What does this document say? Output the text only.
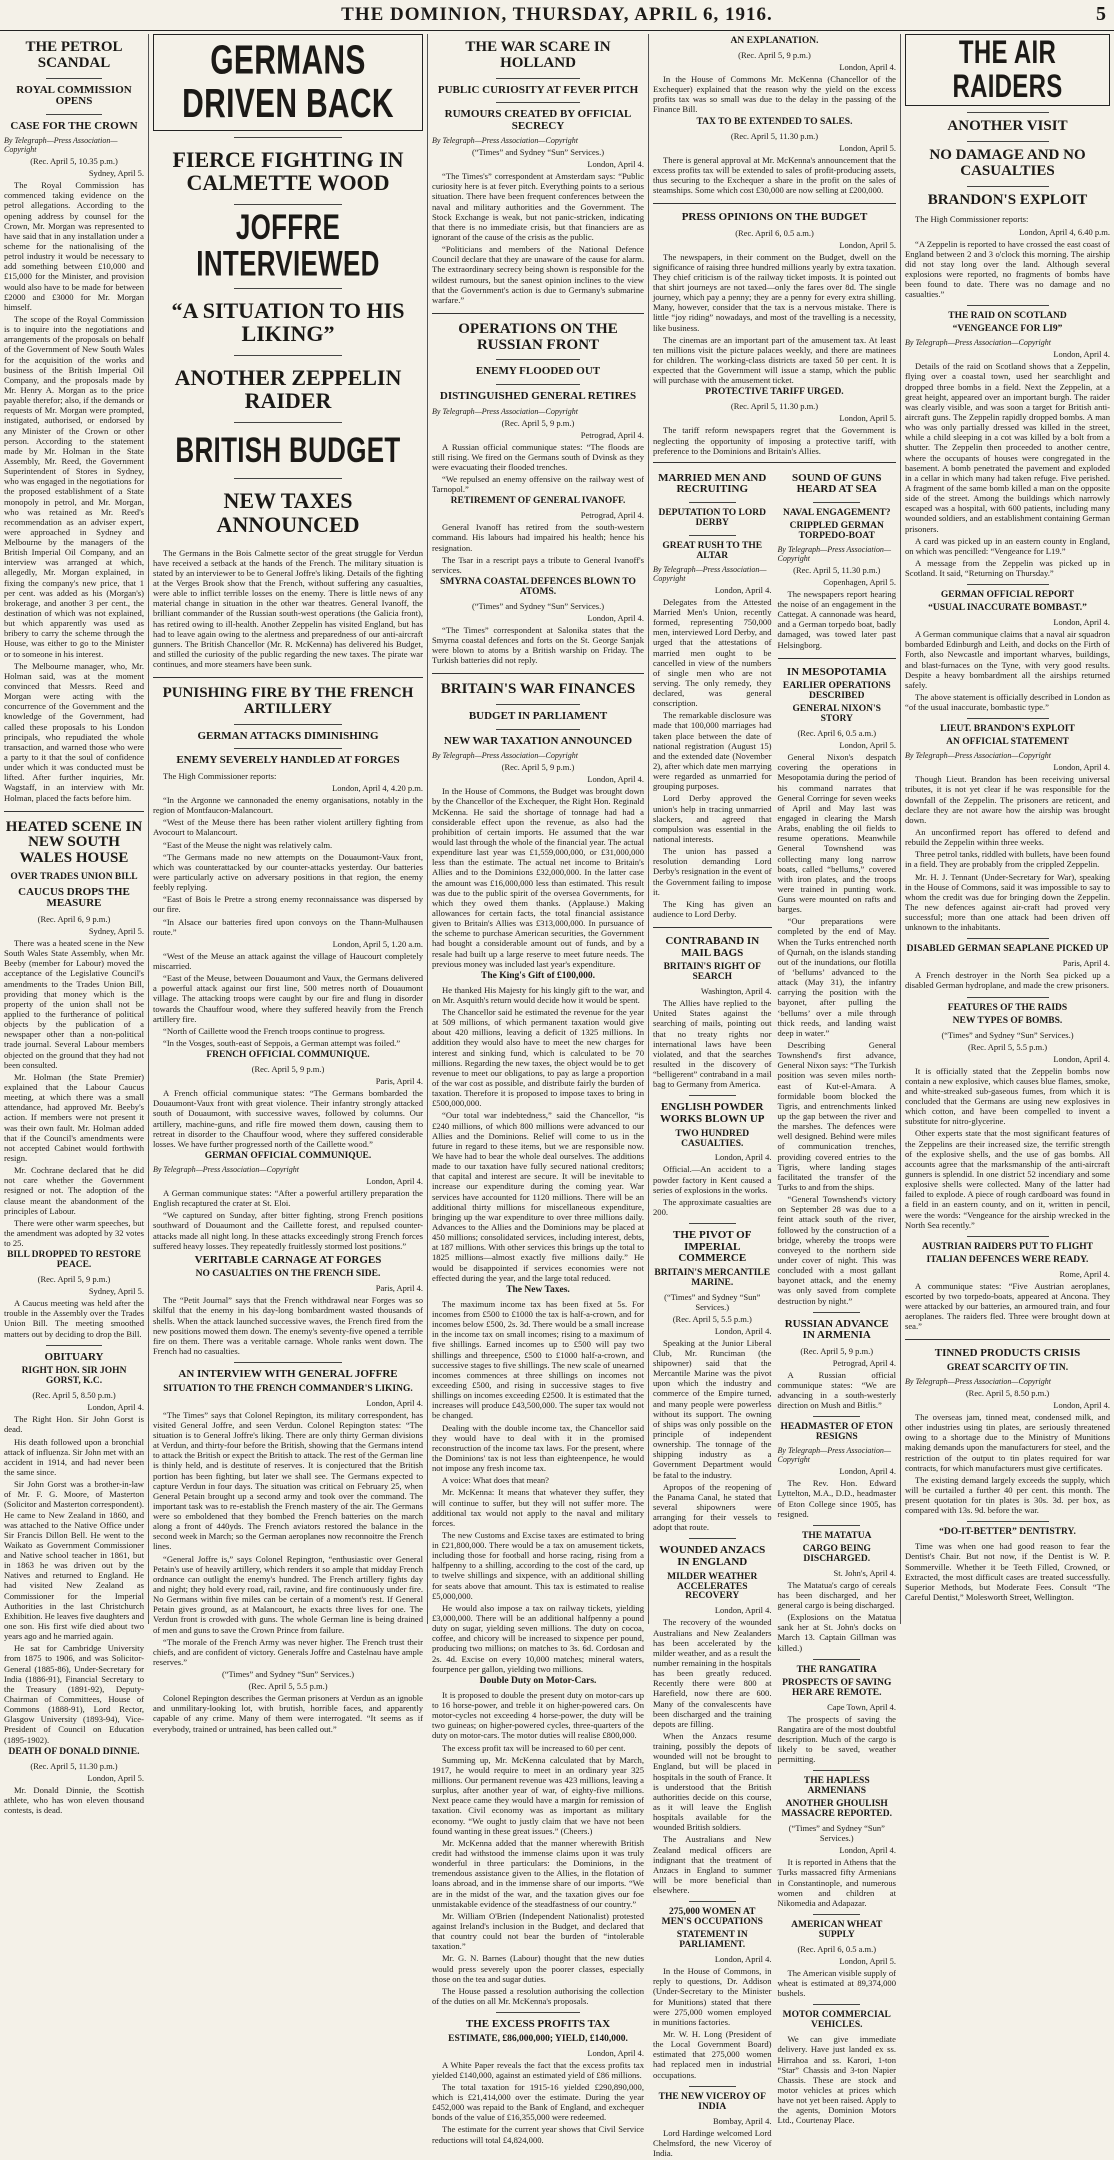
THE DOMINION, THURSDAY, APRIL 6, 1916.	5
THE PETROL SCANDAL
ROYAL COMMISSION OPENS
CASE FOR THE CROWN
By Telegraph—Press Association—Copyright
(Rec. April 5, 10.35 p.m.)
Sydney, April 5.

The Royal Commission has commenced taking evidence on the petrol allegations. According to the opening address by counsel for the Crown, Mr. Morgan was represented to have said that in any installation under a scheme for the nationalising of the petrol industry it would be necessary to add something between £10,000 and £15,000 for the Minister, and provision would also have to be made for between £2000 and £3000 for Mr. Morgan himself.

The scope of the Royal Commission is to inquire into the negotiations and arrangements of the proposals on behalf of the Government of New South Wales for the acquisition of the works and business of the British Imperial Oil Company, and the proposals made by Mr. Henry A. Morgan as to the price payable therefor; also, if the demands or requests of Mr. Morgan were prompted, instigated, authorised, or endorsed by any Minister of the Crown or other person. According to the statement made by Mr. Holman in the State Assembly, Mr. Reed, the Government Superintendent of Stores in Sydney, who was engaged in the negotiations for the proposed establishment of a State monopoly in petrol, and Mr. Morgan, who was retained as Mr. Reed's recommendation as an adviser expert, were approached in Sydney and Melbourne by the managers of the British Imperial Oil Company, and an interview was arranged at which, allegedly, Mr. Morgan explained, in fixing the company's new price, that 1 per cent. was added as his (Morgan's) brokerage, and another 3 per cent., the destination of which was not explained, but which apparently was used as bribery to carry the scheme through the House, was either to go to the Minister or to someone in his interest.

The Melbourne manager, who, Mr. Holman said, was at the moment convinced that Messrs. Reed and Morgan were acting with the concurrence of the Government and the knowledge of the Government, had called these proposals to his London principals, who repudiated the whole transaction, and warned those who were a party to it that the soul of confidence under which it was conducted must be lifted. After further inquiries, Mr. Wagstaff, in an interview with Mr. Holman, placed the facts before him.

HEATED SCENE IN NEW SOUTH WALES HOUSE
OVER TRADES UNION BILL
CAUCUS DROPS THE MEASURE
(Rec. April 6, 9 p.m.)
Sydney, April 5.

There was a heated scene in the New South Wales State Assembly, when Mr. Beeby (member for Labour) moved the acceptance of the Legislative Council's amendments to the Trades Union Bill, providing that money which is the property of the union shall not be applied to the furtherance of political objects by the publication of a newspaper other than a non-political trade journal. Several Labour members objected on the ground that they had not been consulted.

Mr. Holman (the State Premier) explained that the Labour Caucus meeting, at which there was a small attendance, had approved Mr. Beeby's action. If members were not present it was their own fault. Mr. Holman added that if the Council's amendments were not accepted Cabinet would forthwith resign.

Mr. Cochrane declared that he did not care whether the Government resigned or not. The adoption of the clause meant the abandonment of the principles of Labour.

There were other warm speeches, but the amendment was adopted by 32 votes to 25.

BILL DROPPED TO RESTORE PEACE.
(Rec. April 5, 9 p.m.)
Sydney, April 5.

A Caucus meeting was held after the trouble in the Assembly over the Trades Union Bill. The meeting smoothed matters out by deciding to drop the Bill.

OBITUARY
RIGHT HON. SIR JOHN GORST, K.C.
(Rec. April 5, 8.50 p.m.)
London, April 4.

The Right Hon. Sir John Gorst is dead.

His death followed upon a bronchial attack of influenza. Sir John met with an accident in 1914, and had never been the same since.

Sir John Gorst was a brother-in-law of Mr. F. G. Moore, of Masterton (Solicitor and Masterton correspondent). He came to New Zealand in 1860, and was attached to the Native Office under Sir Francis Dillon Bell. He went to the Waikato as Government Commissioner and Native school teacher in 1861, but in 1863 he was driven out by the Natives and returned to England. He had visited New Zealand as Commissioner for the Imperial Authorities in the last Christchurch Exhibition. He leaves five daughters and one son. His first wife died about two years ago and he married again.

He sat for Cambridge University from 1875 to 1906, and was Solicitor-General (1885-86), Under-Secretary for India (1886-91), Financial Secretary to the Treasury (1891-92), Deputy-Chairman of Committees, House of Commons (1888-91), Lord Rector, Glasgow University (1893-94), Vice-President of Council on Education (1895-1902).

DEATH OF DONALD DINNIE.
(Rec. April 5, 11.30 p.m.)
London, April 5.

Mr. Donald Dinnie, the Scottish athlete, who has won eleven thousand contests, is dead.

GERMANS DRIVEN BACK
FIERCE FIGHTING IN CALMETTE WOOD
JOFFRE INTERVIEWED
“A SITUATION TO HIS LIKING”
ANOTHER ZEPPELIN RAIDER
BRITISH BUDGET
NEW TAXES ANNOUNCED

The Germans in the Bois Calmette sector of the great struggle for Verdun have received a setback at the hands of the French. The military situation is stated by an interviewer to be to General Joffre's liking. Details of the fighting at the Verges Brook show that the French, without suffering any casualties, were able to inflict terrible losses on the enemy. There is little news of any material change in situation in the other war theatres. General Ivanoff, the brilliant commander of the Russian south-west operations (the Galicia front), has retired owing to ill-health. Another Zeppelin has visited England, but has had to leave again owing to the alertness and preparedness of our anti-aircraft gunners. The British Chancellor (Mr. R. McKenna) has delivered his Budget, and stilled the curiosity of the public regarding the new taxes. The pirate war continues, and more steamers have been sunk.

PUNISHING FIRE BY THE FRENCH ARTILLERY
GERMAN ATTACKS DIMINISHING
ENEMY SEVERELY HANDLED AT FORGES

The High Commissioner reports:

London, April 4, 4.20 p.m.

“In the Argonne we cannonaded the enemy organisations, notably in the region of Montfaucon-Malancourt.

“West of the Meuse there has been rather violent artillery fighting from Avocourt to Malancourt.

“East of the Meuse the night was relatively calm.

“The Germans made no new attempts on the Douaumont-Vaux front, which was counterattacked by our counter-attacks yesterday. Our batteries were particularly active on adversary positions in that region, the enemy feebly replying.

“East of Bois le Pretre a strong enemy reconnaissance was dispersed by our fire.

“In Alsace our batteries fired upon convoys on the Thann-Mulhausen route.”

London, April 5, 1.20 a.m.

“West of the Meuse an attack against the village of Haucourt completely miscarried.

“East of the Meuse, between Douaumont and Vaux, the Germans delivered a powerful attack against our first line, 500 metres north of Douaumont village. The attacking troops were caught by our fire and flung in disorder towards the Chauffour wood, where they suffered heavily from the French artillery fire.

“North of Caillette wood the French troops continue to progress.

“In the Vosges, south-east of Seppois, a German attempt was foiled.”

FRENCH OFFICIAL COMMUNIQUE.
(Rec. April 5, 9 p.m.)
Paris, April 4.

A French official communique states: “The Germans bombarded the Douaumont-Vaux front with great violence. Their infantry strongly attacked south of Douaumont, with successive waves, followed by columns. Our artillery, machine-guns, and rifle fire mowed them down, causing them to retreat in disorder to the Chauffour wood, where they suffered considerable losses. We have further progressed north of the Caillette wood.”

GERMAN OFFICIAL COMMUNIQUE.
By Telegraph—Press Association—Copyright
London, April 4.

A German communique states: “After a powerful artillery preparation the English recaptured the crater at St. Eloi.

“We captured on Sunday, after bitter fighting, strong French positions southward of Douaumont and the Caillette forest, and repulsed counter-attacks made all night long. In these attacks exceedingly strong French forces suffered heavy losses. They repeatedly fruitlessly stormed lost positions.”

VERITABLE CARNAGE AT FORGES
NO CASUALTIES ON THE FRENCH SIDE.
Paris, April 4.

The “Petit Journal” says that the French withdrawal near Forges was so skilful that the enemy in his day-long bombardment wasted thousands of shells. When the attack launched successive waves, the French fired from the new positions mowed them down. The enemy's seventy-five opened a terrible fire on them. There was a veritable carnage. Whole ranks went down. The French had no casualties.

AN INTERVIEW WITH GENERAL JOFFRE
SITUATION TO THE FRENCH COMMANDER'S LIKING.
London, April 4.

“The Times” says that Colonel Repington, its military correspondent, has visited General Joffre, and seen Verdun. Colonel Repington states: “The situation is to General Joffre's liking. There are only thirty German divisions at Verdun, and thirty-four before the British, showing that the Germans intend to attack the British or expect the British to attack. The rest of the German line is thinly held, and is destitute of reserves. It is conjectured that the British portion has been fighting, but later we shall see. The Germans expected to capture Verdun in four days. The situation was critical on February 25, when General Petain brought up a second army and took over the command. The important task was to re-establish the French mastery of the air. The Germans were so emboldened that they bombed the French batteries on the march along a front of 440yds. The French aviators restored the balance in the second week in March; so the German aeroplanes now reconnoitre the French lines.

“General Joffre is,” says Colonel Repington, “enthusiastic over General Petain's use of heavily artillery, which renders it so ample that midday French ordnance can outlight the enemy's hundred. The French artillery fights day and night; they hold every road, rail, ravine, and fire continuously under fire. No Germans within five miles can be certain of a moment's rest. If General Petain gives ground, as at Malancourt, he exacts three lives for one. The Verdun front is crowded with guns. The whole German line is being drained of men and guns to save the Crown Prince from failure.

“The morale of the French Army was never higher. The French trust their chiefs, and are confident of victory. Generals Joffre and Castelnau have ample reserves.”

(“Times” and Sydney “Sun” Services.)
(Rec. April 5, 5.5 p.m.)

Colonel Repington describes the German prisoners at Verdun as an ignoble and unmilitary-looking lot, with brutish, horrible faces, and apparently capable of any crime. Many of them were interrogated. “It seems as if everybody, trained or untrained, has been called out.”

THE WAR SCARE IN HOLLAND
PUBLIC CURIOSITY AT FEVER PITCH
RUMOURS CREATED BY OFFICIAL SECRECY
By Telegraph—Press Association—Copyright
(“Times” and Sydney “Sun” Services.)
London, April 4.

“The Times's” correspondent at Amsterdam says: “Public curiosity here is at fever pitch. Everything points to a serious situation. There have been frequent conferences between the naval and military authorities and the Government. The Stock Exchange is weak, but not panic-stricken, indicating that there is no immediate crisis, but that financiers are as ignorant of the cause of the crisis as the public.

“Politicians and members of the National Defence Council declare that they are unaware of the cause for alarm. The extraordinary secrecy being shown is responsible for the wildest rumours, but the sanest opinion inclines to the view that the Government's action is due to Germany's submarine warfare.”

OPERATIONS ON THE RUSSIAN FRONT
ENEMY FLOODED OUT
DISTINGUISHED GENERAL RETIRES
By Telegraph—Press Association—Copyright
(Rec. April 5, 9 p.m.)
Petrograd, April 4.

A Russian official communique states: “The floods are still rising. We fired on the Germans south of Dvinsk as they were evacuating their flooded trenches.

“We repulsed an enemy offensive on the railway west of Tarnopol.”

RETIREMENT OF GENERAL IVANOFF.
Petrograd, April 4.

General Ivanoff has retired from the south-western command. His labours had impaired his health; hence his resignation.

The Tsar in a rescript pays a tribute to General Ivanoff's services.

SMYRNA COASTAL DEFENCES BLOWN TO ATOMS.
(“Times” and Sydney “Sun” Services.)
London, April 4.

“The Times” correspondent at Salonika states that the Smyrna coastal defences and forts on the St. George Sanjak were blown to atoms by a British warship on Friday. The Turkish batteries did not reply.

BRITAIN'S WAR FINANCES
BUDGET IN PARLIAMENT
NEW WAR TAXATION ANNOUNCED
By Telegraph—Press Association—Copyright
(Rec. April 5, 9 p.m.)
London, April 4.

In the House of Commons, the Budget was brought down by the Chancellor of the Exchequer, the Right Hon. Reginald McKenna. He said the shortage of tonnage had had a considerable effect upon the revenue, as also had the prohibition of certain imports. He assumed that the war would last through the whole of the financial year. The actual expenditure last year was £1,559,000,000, or £31,000,000 less than the estimate. The actual net income to Britain's Allies and to the Dominions £32,000,000. In the latter case the amount was £16,000,000 less than estimated. This result was due to the public spirit of the oversea Governments, for which they owed them thanks. (Applause.) Making allowances for certain facts, the total financial assistance given to Britain's Allies was £313,000,000. In pursuance of the scheme to purchase American securities, the Government had bought a considerable amount out of funds, and by a resale had built up a large reserve to meet future needs. The previous money was included last year's expenditure.

The King's Gift of £100,000.

He thanked His Majesty for his kingly gift to the war, and on Mr. Asquith's return would decide how it would be spent.

The Chancellor said he estimated the revenue for the year at 509 millions, of which permanent taxation would give about 420 millions, leaving a deficit of 1325 millions. In addition they would also have to meet the new charges for interest and sinking fund, which is calculated to be 70 millions. Regarding the new taxes, the object would be to get revenue to meet our obligations, to pay as large a proportion of the war cost as possible, and distribute fairly the burden of taxation. Therefore it is proposed to impose taxes to bring in £500,000,000.

“Our total war indebtedness,” said the Chancellor, “is £240 millions, of which 800 millions were advanced to our Allies and the Dominions. Relief will come to us in the future in regard to these items, but we are responsible now. We have had to bear the whole deal ourselves. The additions made to our taxation have fully secured national creditors; that capital and interest are secure. It will be inevitable to increase our expenditure during the coming year. War services have accounted for 1120 millions. There will be an additional thirty millions for miscellaneous expenditure, bringing up the war expenditure to over three millions daily. Advances to the Allies and the Dominions may be placed at 450 millions; consolidated services, including interest, debts, at 187 millions. With other services this brings up the total to 1825 millions—almost exactly five millions daily.” He would be disappointed if services economies were not effected during the year, and the large total reduced.

The New Taxes.

The maximum income tax has been fixed at 5s. For incomes from £500 to £1000 the tax is half-a-crown, and for incomes below £500, 2s. 3d. There would be a small increase in the income tax on small incomes; rising to a maximum of five shillings. Earned incomes up to £500 will pay two shillings and threepence, £500 to £1000 half-a-crown, and successive stages to five shillings. The new scale of unearned incomes commences at three shillings on incomes not exceeding £500, and rising in successive stages to five shillings on incomes exceeding £2500. It is estimated that the increases will produce £43,500,000. The super tax would not be changed.

Dealing with the double income tax, the Chancellor said they would have to deal with it in the promised reconstruction of the income tax laws. For the present, where the Dominions' tax is not less than eighteenpence, he would not impose any fresh income tax.

A voice: What does that mean?

Mr. McKenna: It means that whatever they suffer, they will continue to suffer, but they will not suffer more. The additional tax would not apply to the naval and military forces.

The new Customs and Excise taxes are estimated to bring in £21,800,000. There would be a tax on amusement tickets, including those for football and horse racing, rising from a halfpenny to a shilling, according to the cost of the card, up to twelve shillings and sixpence, with an additional shilling for seats above that amount. This tax is estimated to realise £5,000,000.

He would also impose a tax on railway tickets, yielding £3,000,000. There will be an additional halfpenny a pound duty on sugar, yielding seven millions. The duty on cocoa, coffee, and chicory will be increased to sixpence per pound, producing two millions; on matches to 3s. 6d. Cordosan and 2s. 4d. Excise on every 10,000 matches; mineral waters, fourpence per gallon, yielding two millions.

Double Duty on Motor-Cars.

It is proposed to double the present duty on motor-cars up to 16 horse-power, and treble it on higher-powered cars. On motor-cycles not exceeding 4 horse-power, the duty will be two guineas; on higher-powered cycles, three-quarters of the duty on motor-cars. The motor duties will realise £800,000.

The excess profit tax will be increased to 60 per cent.

Summing up, Mr. McKenna calculated that by March, 1917, he would require to meet in an ordinary year 325 millions. Our permanent revenue was 423 millions, leaving a surplus, after another year of war, of eighty-five millions. Next peace came they would have a margin for remission of taxation. Civil economy was as important as military economy. “We ought to justly claim that we have not been found wanting in these great issues.” (Cheers.)

Mr. McKenna added that the manner wherewith British credit had withstood the immense claims upon it was truly wonderful in three particulars: the Dominions, in the tremendous assistance given to the Allies, in the flotation of loans abroad, and in the immense share of our imports. “We are in the midst of the war, and the taxation gives our foe unmistakable evidence of the steadfastness of our country.”

Mr. William O'Brien (Independent Nationalist) protested against Ireland's inclusion in the Budget, and declared that that country could not bear the burden of “intolerable taxation.”

Mr. G. N. Barnes (Labour) thought that the new duties would press severely upon the poorer classes, especially those on the tea and sugar duties.

The House passed a resolution authorising the collection of the duties on all Mr. McKenna's proposals.

THE EXCESS PROFITS TAX
ESTIMATE, £86,000,000; YIELD, £140,000.
London, April 4.

A White Paper reveals the fact that the excess profits tax yielded £140,000, against an estimated yield of £86 millions.

The total taxation for 1915-16 yielded £290,890,000, which is £21,414,000 over the estimate. During the year £452,000 was repaid to the Bank of England, and exchequer bonds of the value of £16,355,000 were redeemed.

The estimate for the current year shows that Civil Service reductions will total £4,824,000.

AN EXPLANATION.
(Rec. April 5, 9 p.m.)
London, April 4.

In the House of Commons Mr. McKenna (Chancellor of the Exchequer) explained that the reason why the yield on the excess profits tax was so small was due to the delay in the passing of the Finance Bill.

TAX TO BE EXTENDED TO SALES.
(Rec. April 5, 11.30 p.m.)
London, April 5.

There is general approval at Mr. McKenna's announcement that the excess profits tax will be extended to sales of profit-producing assets, thus securing to the Exchequer a share in the profit on the sales of steamships. Some which cost £30,000 are now selling at £200,000.

PRESS OPINIONS ON THE BUDGET
(Rec. April 6, 0.5 a.m.)
London, April 5.

The newspapers, in their comment on the Budget, dwell on the significance of raising three hundred millions yearly by extra taxation. They chief criticism is of the railway ticket imposts. It is pointed out that shirt journeys are not taxed—only the fares over 8d. The single journey, which pay a penny; they are a penny for every extra shilling. Many, however, consider that the tax is a nervous mistake. There is little “joy riding” nowadays, and most of the travelling is a necessity, like business.

The cinemas are an important part of the amusement tax. At least ten millions visit the picture palaces weekly, and there are matinees for children. The working-class districts are taxed 50 per cent. It is expected that the Government will issue a stamp, which the public will purchase with the amusement ticket.

PROTECTIVE TARIFF URGED.
(Rec. April 5, 11.30 p.m.)
London, April 5.

The tariff reform newspapers regret that the Government is neglecting the opportunity of imposing a protective tariff, with preference to the Dominions and Britain's Allies.

MARRIED MEN AND RECRUITING
DEPUTATION TO LORD DERBY
GREAT RUSH TO THE ALTAR
By Telegraph—Press Association—Copyright
London, April 4.

Delegates from the Attested Married Men's Union, recently formed, representing 750,000 men, interviewed Lord Derby, and urged that the attestations of married men ought to be cancelled in view of the numbers of single men who are not serving. The only remedy, they declared, was general conscription.

The remarkable disclosure was made that 100,000 marriages had taken place between the date of national registration (August 15) and the extended date (November 2), after which date men marrying were regarded as unmarried for grouping purposes.

Lord Derby approved the union's help in tracing unmarried slackers, and agreed that compulsion was essential in the national interests.

The union has passed a resolution demanding Lord Derby's resignation in the event of the Government failing to impose it.

The King has given an audience to Lord Derby.

CONTRABAND IN MAIL BAGS
BRITAIN'S RIGHT OF SEARCH
Washington, April 4.

The Allies have replied to the United States against the searching of mails, pointing out that no treaty rights nor international laws have been violated, and that the searches resulted in the discovery of “belligerent” contraband in a mail bag to Germany from America.

ENGLISH POWDER WORKS BLOWN UP
TWO HUNDRED CASUALTIES.
London, April 4.

Official.—An accident to a powder factory in Kent caused a series of explosions in the works.

The approximate casualties are 200.

THE PIVOT OF IMPERIAL COMMERCE
BRITAIN'S MERCANTILE MARINE.
(“Times” and Sydney “Sun” Services.)
(Rec. April 5, 5.5 p.m.)
London, April 4.

Speaking at the Junior Liberal Club, Mr. Runciman (the shipowner) said that the Mercantile Marine was the pivot upon which the industry and commerce of the Empire turned, and many people were powerless without its support. The owning of ships was only possible on the principle of independent ownership. The tonnage of the shipping industry as a Government Department would be fatal to the industry.

Apropos of the reopening of the Panama Canal, he stated that several shipowners were arranging for their vessels to adopt that route.

WOUNDED ANZACS IN ENGLAND
MILDER WEATHER ACCELERATES RECOVERY
London, April 4.

The recovery of the wounded Australians and New Zealanders has been accelerated by the milder weather, and as a result the number remaining in the hospitals has been greatly reduced. Recently there were 800 at Harefield, now there are 600. Many of the convalescents have been discharged and the training depots are filling.

When the Anzacs resume training, possibly the depots of wounded will not be brought to England, but will be placed in hospitals in the south of France. It is understood that the British authorities decide on this course, as it will leave the English hospitals available for the wounded British soldiers.

The Australians and New Zealand medical officers are indignant that the treatment of Anzacs in England to summer will be more beneficial than elsewhere.

275,000 WOMEN AT MEN'S OCCUPATIONS
STATEMENT IN PARLIAMENT.
London, April 4.

In the House of Commons, in reply to questions, Dr. Addison (Under-Secretary to the Minister for Munitions) stated that there were 275,000 women employed in munitions factories.

Mr. W. H. Long (President of the Local Government Board) estimated that 275,000 women had replaced men in industrial occupations.

THE NEW VICEROY OF INDIA
Bombay, April 4.

Lord Hardinge welcomed Lord Chelmsford, the new Viceroy of India.

SOUND OF GUNS HEARD AT SEA
NAVAL ENGAGEMENT?
CRIPPLED GERMAN TORPEDO-BOAT
By Telegraph—Press Association—Copyright
(Rec. April 5, 11.30 p.m.)
Copenhagen, April 5.

The newspapers report hearing the noise of an engagement in the Cattegat. A cannonade was heard, and a German torpedo boat, badly damaged, was towed later past Helsingborg.

IN MESOPOTAMIA
EARLIER OPERATIONS DESCRIBED
GENERAL NIXON'S STORY
(Rec. April 6, 0.5 a.m.)
London, April 5.

General Nixon's despatch covering the operations in Mesopotamia during the period of his command narrates that General Corringe for seven weeks of April and May last was engaged in clearing the Marsh Arabs, enabling the oil fields to resume operations. Meanwhile General Townshend was collecting many long narrow boats, called “bellums,” covered with iron plates, and the troops were trained in punting work. Guns were mounted on rafts and barges.

“Our preparations were completed by the end of May. When the Turks entrenched north of Qurnah, on the islands standing out of the inundations, our flotilla of ‘bellums’ advanced to the attack (May 31), the infantry carrying the position with the bayonet, after pulling the ‘bellums’ over a mile through thick reeds, and landing waist deep in water.”

Describing General Townshend's first advance, General Nixon says: “The Turkish position was seven miles north-east of Kut-el-Amara. A formidable boom blocked the Tigris, and entrenchments linked up the gap between the river and the marshes. The defences were well designed. Behind were miles of communication trenches, providing covered entries to the Tigris, where landing stages facilitated the transfer of the Turks to and from the ships.

“General Townshend's victory on September 28 was due to a feint attack south of the river, followed by the construction of a bridge, whereby the troops were conveyed to the northern side under cover of night. This was concluded with a most gallant bayonet attack, and the enemy was only saved from complete destruction by night.”

RUSSIAN ADVANCE IN ARMENIA
(Rec. April 5, 9 p.m.)
Petrograd, April 4.

A Russian official communique states: “We are advancing in a south-westerly direction on Mush and Bitlis.”

HEADMASTER OF ETON RESIGNS
By Telegraph—Press Association—Copyright
London, April 4.

The Rev. Hon. Edward Lyttelton, M.A., D.D., headmaster of Eton College since 1905, has resigned.

THE MATATUA
CARGO BEING DISCHARGED.
St. John's, April 4.

The Matatua's cargo of cereals has been discharged, and her general cargo is being discharged.

(Explosions on the Matatua sank her at St. John's docks on March 13. Captain Gillman was killed.)

THE RANGATIRA
PROSPECTS OF SAVING HER ARE REMOTE.
Cape Town, April 4.

The prospects of saving the Rangatira are of the most doubtful description. Much of the cargo is likely to be saved, weather permitting.

THE HAPLESS ARMENIANS
ANOTHER GHOULISH MASSACRE REPORTED.
(“Times” and Sydney “Sun” Services.)
London, April 4.

It is reported in Athens that the Turks massacred fifty Armenians in Constantinople, and numerous women and children at Nikomedia and Adapazar.

AMERICAN WHEAT SUPPLY
(Rec. April 6, 0.5 a.m.)
London, April 5.

The American visible supply of wheat is estimated at 89,374,000 bushels.

MOTOR COMMERCIAL VEHICLES.

We can give immediate delivery. Have just landed ex ss. Hirrahoa and ss. Karori, 1-ton “Star” Chassis and 3-ton Napier Chassis. These are stock and motor vehicles at prices which have not yet been raised. Apply to the agents, Dominion Motors Ltd., Courtenay Place.

THE AIR RAIDERS
ANOTHER VISIT
NO DAMAGE AND NO CASUALTIES
BRANDON'S EXPLOIT

The High Commissioner reports:

London, April 4, 6.40 p.m.

“A Zeppelin is reported to have crossed the east coast of England between 2 and 3 o'clock this morning. The airship did not stay long over the land. Although several explosions were reported, no fragments of bombs have been found to date. There was no damage and no casualties.”

THE RAID ON SCOTLAND
“VENGEANCE FOR LI9”
By Telegraph—Press Association—Copyright
London, April 4.

Details of the raid on Scotland shows that a Zeppelin, flying over a coastal town, used her searchlight and dropped three bombs in a field. Next the Zeppelin, at a great height, appeared over an important burgh. The raider was clearly visible, and was soon a target for British anti-aircraft guns. The Zeppelin rapidly dropped bombs. A man who was only partially dressed was killed in the street, while a child sleeping in a cot was killed by a bolt from a shutter. The Zeppelin then proceeded to another centre, where the occupants of houses were congregated in the basement. A bomb penetrated the pavement and exploded in a cellar in which many had taken refuge. Five perished. A fragment of the same bomb killed a man on the opposite side of the street. Among the buildings which narrowly escaped was a hospital, with 600 patients, including many wounded soldiers, and an establishment containing German prisoners.

A card was picked up in an eastern county in England, on which was pencilled: “Vengeance for L19.”

A message from the Zeppelin was picked up in Scotland. It said, “Returning on Thursday.”

GERMAN OFFICIAL REPORT
“USUAL INACCURATE BOMBAST.”
London, April 4.

A German communique claims that a naval air squadron bombarded Edinburgh and Leith, and docks on the Firth of Forth, also Newcastle and important wharves, buildings, and blast-furnaces on the Tyne, with very good results. Despite a heavy bombardment all the airships returned safely.

The above statement is officially described in London as “of the usual inaccurate, bombastic type.”

LIEUT. BRANDON'S EXPLOIT
AN OFFICIAL STATEMENT
By Telegraph—Press Association—Copyright
London, April 4.

Though Lieut. Brandon has been receiving universal tributes, it is not yet clear if he was responsible for the downfall of the Zeppelin. The prisoners are reticent, and declare they are not aware how the airship was brought down.

An unconfirmed report has offered to defend and rebuild the Zeppelin within three weeks.

Three petrol tanks, riddled with bullets, have been found in a field. They are probably from the crippled Zeppelin.

Mr. H. J. Tennant (Under-Secretary for War), speaking in the House of Commons, said it was impossible to say to whom the credit was due for bringing down the Zeppelin. The new defences against air-craft had proved very successful; more than one attack had been driven off unknown to the inhabitants.

DISABLED GERMAN SEAPLANE PICKED UP
Paris, April 4.

A French destroyer in the North Sea picked up a disabled German hydroplane, and made the crew prisoners.

FEATURES OF THE RAIDS
NEW TYPES OF BOMBS.
(“Times” and Sydney “Sun” Services.)
(Rec. April 5, 5.5 p.m.)
London, April 4.

It is officially stated that the Zeppelin bombs now contain a new explosive, which causes blue flames, smoke, and white-streaked sub-gaseous fumes, from which it is concluded that the Germans are using new explosives in which cotton, and have been compelled to invent a substitute for nitro-glycerine.

Other experts state that the most significant features of the Zeppelins are their increased size, the terrific strength of the explosive shells, and the use of gas bombs. All accounts agree that the marksmanship of the anti-aircraft gunners is splendid. In one district 52 incendiary and some explosive shells were collected. Many of the latter had failed to explode. A piece of rough cardboard was found in a field in an eastern county, and on it, written in pencil, were the words: “Vengeance for the airship wrecked in the North Sea recently.”

AUSTRIAN RAIDERS PUT TO FLIGHT
ITALIAN DEFENCES WERE READY.
Rome, April 4.

A communique states: “Five Austrian aeroplanes, escorted by two torpedo-boats, appeared at Ancona. They were attacked by our batteries, an armoured train, and four aeroplanes. The raiders fled. Three were brought down at sea.”

TINNED PRODUCTS CRISIS
GREAT SCARCITY OF TIN.
By Telegraph—Press Association—Copyright
(Rec. April 5, 8.50 p.m.)
London, April 4.

The overseas jam, tinned meat, condensed milk, and other industries using tin plates, are seriously threatened owing to a shortage due to the Ministry of Munitions making demands upon the manufacturers for steel, and the restriction of the output to tin plates required for war contracts, for which manufacturers must give certificates.

The existing demand largely exceeds the supply, which will be curtailed a further 40 per cent. this month. The present quotation for tin plates is 30s. 3d. per box, as compared with 13s. 9d. before the war.

“DO-IT-BETTER” DENTISTRY.

Time was when one had good reason to fear the Dentist's Chair. But not now, if the Dentist is W. P. Sommerville. Whether it be Teeth Filled, Crowned, or Extracted, the most difficult cases are treated successfully. Superior Methods, but Moderate Fees. Consult “The Careful Dentist,” Molesworth Street, Wellington.
